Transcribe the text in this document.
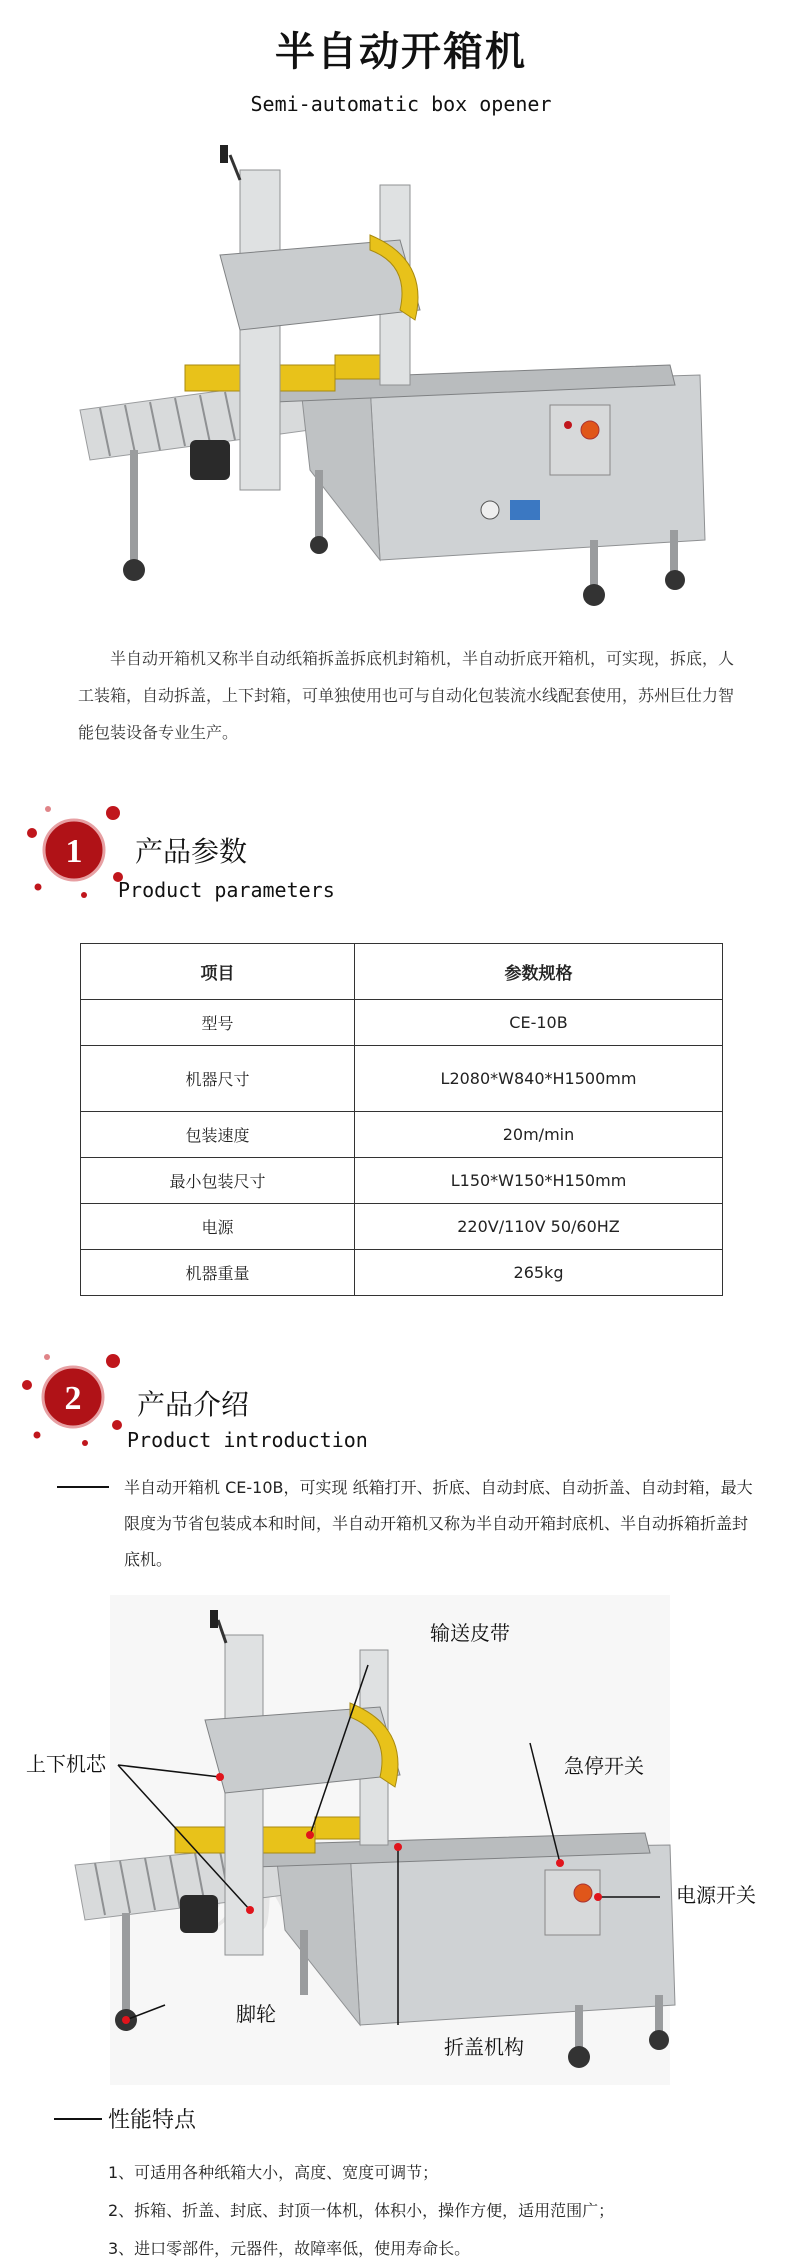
半自动开箱机
Semi-automatic box opener
半自动开箱机又称半自动纸箱拆盖拆底机封箱机，半自动折底开箱机，可实现，拆底，人工装箱，自动拆盖，上下封箱，可单独使用也可与自动化包装流水线配套使用，苏州巨仕力智能包装设备专业生产。
1 产品参数
Product parameters
项目	参数规格
型号	CE-10B
机器尺寸	L2080*W840*H1500mm
包装速度	20m/min
最小包装尺寸	L150*W150*H150mm
电源	220V/110V 50/60HZ
机器重量	265kg
2 产品介绍
Product introduction
半自动开箱机 CE-10B，可实现 纸箱打开、折底、自动封底、自动折盖、自动封箱，最大限度为节省包装成本和时间，半自动开箱机又称为半自动开箱封底机、半自动拆箱折盖封底机。
输送皮带
上下机芯	急停开关
电源开关
脚轮
折盖机构
性能特点
1、可适用各种纸箱大小，高度、宽度可调节；
2、拆箱、折盖、封底、封顶一体机，体积小，操作方便，适用范围广；
3、进口零部件，元器件，故障率低，使用寿命长。
